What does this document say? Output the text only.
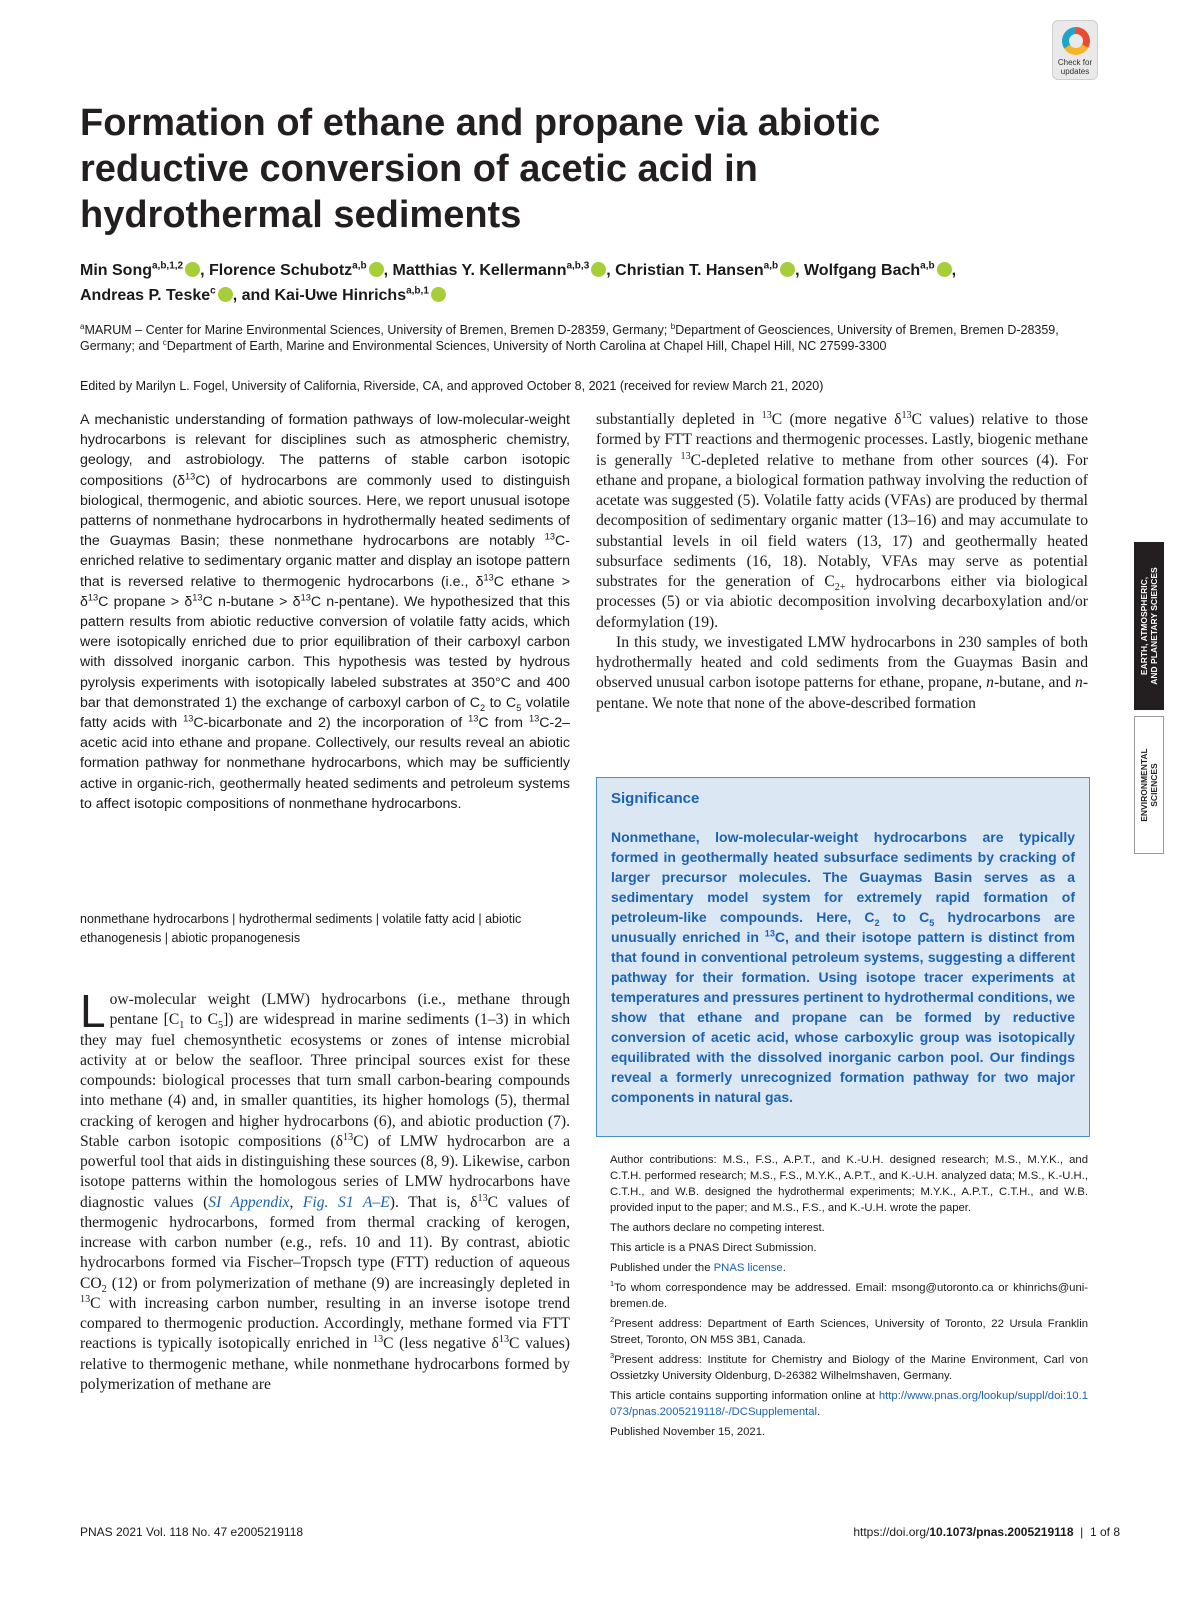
Check for
updates
Formation of ethane and propane via abiotic reductive conversion of acetic acid in hydrothermal sediments
Min Song$^{a,b,1,2}$ , Florence Schubotz$^{a,b}$ , Matthias Y. Kellermann$^{a,b,3}$ , Christian T. Hansen$^{a,b}$ , Wolfgang Bach$^{a,b}$ ,
Andreas P. Teske$^c$ , and Kai-Uwe Hinrichs$^{a,b,1}$
$^a$MARUM – Center for Marine Environmental Sciences, University of Bremen, Bremen D-28359, Germany; $^b$Department of Geosciences, University of Bremen, Bremen D-28359, Germany; and $^c$Department of Earth, Marine and Environmental Sciences, University of North Carolina at Chapel Hill, Chapel Hill, NC 27599-3300
Edited by Marilyn L. Fogel, University of California, Riverside, CA, and approved October 8, 2021 (received for review March 21, 2020)

A mechanistic understanding of formation pathways of low-molecular-weight hydrocarbons is relevant for disciplines such as atmospheric chemistry, geology, and astrobiology. The patterns of stable carbon isotopic compositions $(\delta^{13}C)$ of hydrocarbons are commonly used to distinguish biological, thermogenic, and abiotic sources. Here, we report unusual isotope patterns of nonmethane hydrocarbons in hydrothermally heated sediments of the Guaymas Basin; these nonmethane hydrocarbons are notably $^{13}$C-enriched relative to sedimentary organic matter and display an isotope pattern that is reversed relative to thermogenic hydrocarbons (i.e., $\delta^{13}C$ ethane > $\delta^{13}C$ propane > $\delta^{13}C$ $n-butane > \delta^{13}C$ n-pentane). We hypothesized that this pattern results from abiotic reductive conversion of volatile fatty acids, which were isotopically enriched due to prior equilibration of their carboxyl carbon with dissolved inorganic carbon. This hypothesis was tested by hydrous pyrolysis experiments with isotopically labeled substrates at 350°C and 400 bar that demonstrated 1) the exchange of carboxyl carbon of $C_2$ to $C_5$ volatile fatty acids with $^{13}$C-bicarbonate and 2) the incorporation of $^{13}$C from $^{13}$C-2–acetic acid into ethane and propane. Collectively, our results reveal an abiotic formation pathway for nonmethane hydrocarbons, which may be sufficiently active in organic-rich, geothermally heated sediments and petroleum systems to affect isotopic compositions of nonmethane hydrocarbons.

nonmethane hydrocarbons | hydrothermal sediments | volatile fatty acid | abiotic ethanogenesis | abiotic propanogenesis

Low-molecular weight (LMW) hydrocarbons (i.e., methane through pentane [$C_1$ to $C_5$]) are widespread in marine sediments (1–3) in which they may fuel chemosynthetic ecosystems or zones of intense microbial activity at or below the seafloor. Three principal sources exist for these compounds: biological processes that turn small carbon-bearing compounds into methane (4) and, in smaller quantities, its higher homologs (5), thermal cracking of kerogen and higher hydrocarbons (6), and abiotic production (7). Stable carbon isotopic compositions $(\delta^{13}C)$ of LMW hydrocarbon are a powerful tool that aids in distinguishing these sources (8, 9). Likewise, carbon isotope patterns within the homologous series of LMW hydrocarbons have diagnostic values (SI Appendix, Fig. S1 A–E). That is, $\delta^{13}C$ values of thermogenic hydrocarbons, formed from thermal cracking of kerogen, increase with carbon number (e.g., refs. 10 and 11). By contrast, abiotic hydrocarbons formed via Fischer–Tropsch type (FTT) reduction of aqueous $CO_2$ (12) or from polymerization of methane (9) are increasingly depleted in $^{13}$C with increasing carbon number, resulting in an inverse isotope trend compared to thermogenic production. Accordingly, methane formed via FTT reactions is typically isotopically enriched in $^{13}$C (less negative $\delta^{13}C$ values) relative to thermogenic methane, while nonmethane hydrocarbons formed by polymerization of methane are

substantially depleted in $^{13}$C (more negative $\delta^{13}C$ values) relative to those formed by FTT reactions and thermogenic processes. Lastly, biogenic methane is generally $^{13}$C-depleted relative to methane from other sources (4). For ethane and propane, a biological formation pathway involving the reduction of acetate was suggested (5). Volatile fatty acids (VFAs) are produced by thermal decomposition of sedimentary organic matter (13–16) and may accumulate to substantial levels in oil field waters (13, 17) and geothermally heated subsurface sediments (16, 18). Notably, VFAs may serve as potential substrates for the generation of $C_{2+}$ hydrocarbons either via biological processes (5) or via abiotic decomposition involving decarboxylation and/or deformylation (19).

In this study, we investigated LMW hydrocarbons in 230 samples of both hydrothermally heated and cold sediments from the Guaymas Basin and observed unusual carbon isotope patterns for ethane, propane, n-butane, and n-pentane. We note that none of the above-described formation

Significance

Nonmethane, low-molecular-weight hydrocarbons are typically formed in geothermally heated subsurface sediments by cracking of larger precursor molecules. The Guaymas Basin serves as a sedimentary model system for extremely rapid formation of petroleum-like compounds. Here, $C_2$ to $C_5$ hydrocarbons are unusually enriched in $^{13}$C, and their isotope pattern is distinct from that found in conventional petroleum systems, suggesting a different pathway for their formation. Using isotope tracer experiments at temperatures and pressures pertinent to hydrothermal conditions, we show that ethane and propane can be formed by reductive conversion of acetic acid, whose carboxylic group was isotopically equilibrated with the dissolved inorganic carbon pool. Our findings reveal a formerly unrecognized formation pathway for two major components in natural gas.

Author contributions: M.S., F.S., A.P.T., and K.-U.H. designed research; M.S., M.Y.K., and C.T.H. performed research; M.S., F.S., M.Y.K., A.P.T., and K.-U.H. analyzed data; M.S., K.-U.H., C.T.H., and W.B. designed the hydrothermal experiments; M.Y.K., A.P.T., C.T.H., and W.B. provided input to the paper; and M.S., F.S., and K.-U.H. wrote the paper.

The authors declare no competing interest.

This article is a PNAS Direct Submission.

Published under the PNAS license.

$^1$To whom correspondence may be addressed. Email: msong@utoronto.ca or khinrichs@uni-bremen.de.

$^2$Present address: Department of Earth Sciences, University of Toronto, 22 Ursula Franklin Street, Toronto, ON M5S 3B1, Canada.

$^3$Present address: Institute for Chemistry and Biology of the Marine Environment, Carl von Ossietzky University Oldenburg, D-26382 Wilhelmshaven, Germany.

This article contains supporting information online at http://www.pnas.org/lookup/suppl/doi:10.1073/pnas.2005219118/-/DCSupplemental.

Published November 15, 2021.

EARTH, ATMOSPHERIC,
AND PLANETARY SCIENCES
ENVIRONMENTAL
SCIENCES
PNAS 2021 Vol. 118 No. 47 e2005219118	https://doi.org/10.1073/pnas.2005219118  |  1 of 8
